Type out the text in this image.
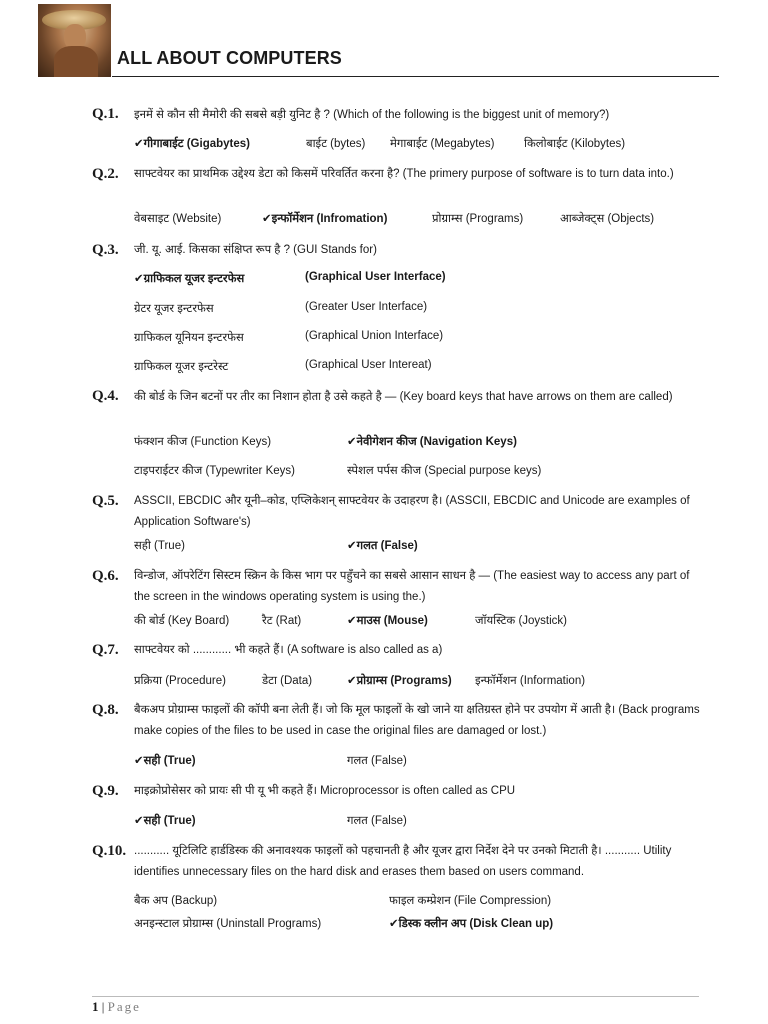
ALL ABOUT COMPUTERS
Q.1. इनमें से कौन सी मैमोरी की सबसे बड़ी युनिट है ? (Which of the following is the biggest unit of memory?)
✔गीगाबाईट (Gigabytes)	बाईट (bytes) मेगाबाईट (Megabytes)	किलोबाईट (Kilobytes)
Q.2. साफ्टवेयर का प्राथमिक उद्देश्य डेटा को किसमें परिवर्तित करना है? (The primery purpose of software is to turn data into.)
वेबसाइट (Website)	✔इन्फॉर्मेशन (Infromation)	प्रोग्राम्स (Programs)	आब्जेक्ट्स (Objects)
Q.3. जी. यू. आई. किसका संक्षिप्त रूप है ? (GUI Stands for)
✔ग्राफिकल यूजर इन्टरफेस	(Graphical User Interface)
ग्रेटर यूजर इन्टरफेस	(Greater User Interface)
ग्राफिकल यूनियन इन्टरफेस	(Graphical Union Interface)
ग्राफिकल यूजर इन्टरेस्ट	(Graphical User Intereat)
Q.4. की बोर्ड के जिन बटनों पर तीर का निशान होता है उसे कहते है — (Key board keys that have arrows on them are called)
फंक्शन कीज (Function Keys)	✔नेवीगेशन कीज (Navigation Keys)
टाइपराईटर कीज (Typewriter Keys)	स्पेशल पर्पस कीज (Special purpose keys)
Q.5. ASSCII, EBCDIC और यूनी–कोड, एप्लिकेशन् साफ्टवेयर के उदाहरण है। (ASSCII, EBCDIC and Unicode are examples of Application Software's)
सही (True)	✔गलत (False)
Q.6. विन्डोज, ऑपरेटिंग सिस्टम स्क्रिन के किस भाग पर पहुँचने का सबसे आसान साधन है — (The easiest way to access any part of the screen in the windows operating system is using the.)
की बोर्ड (Key Board)	रैट (Rat)	✔माउस (Mouse)	जॉयस्टिक (Joystick)
Q.7. साफ्टवेयर को ............ भी कहते हैं। (A software is also called as a)
प्रक्रिया (Procedure)	डेटा (Data)	✔प्रोग्राम्स (Programs) इन्फॉर्मेशन (Information)
Q.8. बैकअप प्रोग्राम्स फाइलों की कॉपी बना लेती हैं। जो कि मूल फाइलों के खो जाने या क्षतिग्रस्त होने पर उपयोग में आती है। (Back programs make copies of the files to be used in case the original files are damaged or lost.)
✔सही (True)	गलत (False)
Q.9. माइक्रोप्रोसेसर को प्रायः सी पी यू भी कहते हैं। Microprocessor is often called as CPU
✔सही (True)	गलत (False)
Q.10. ........... यूटिलिटि हार्डडिस्क की अनावश्यक फाइलों को पहचानती है और यूजर द्वारा निर्देश देने पर उनको मिटाती है। ........... Utility identifies unnecessary files on the hard disk and erases them based on users command.
बैक अप (Backup)	फाइल कम्प्रेशन (File Compression)
अनइन्स्टाल प्रोग्राम्स (Uninstall Programs)	✔डिस्क क्लीन अप (Disk Clean up)
1 | Page
